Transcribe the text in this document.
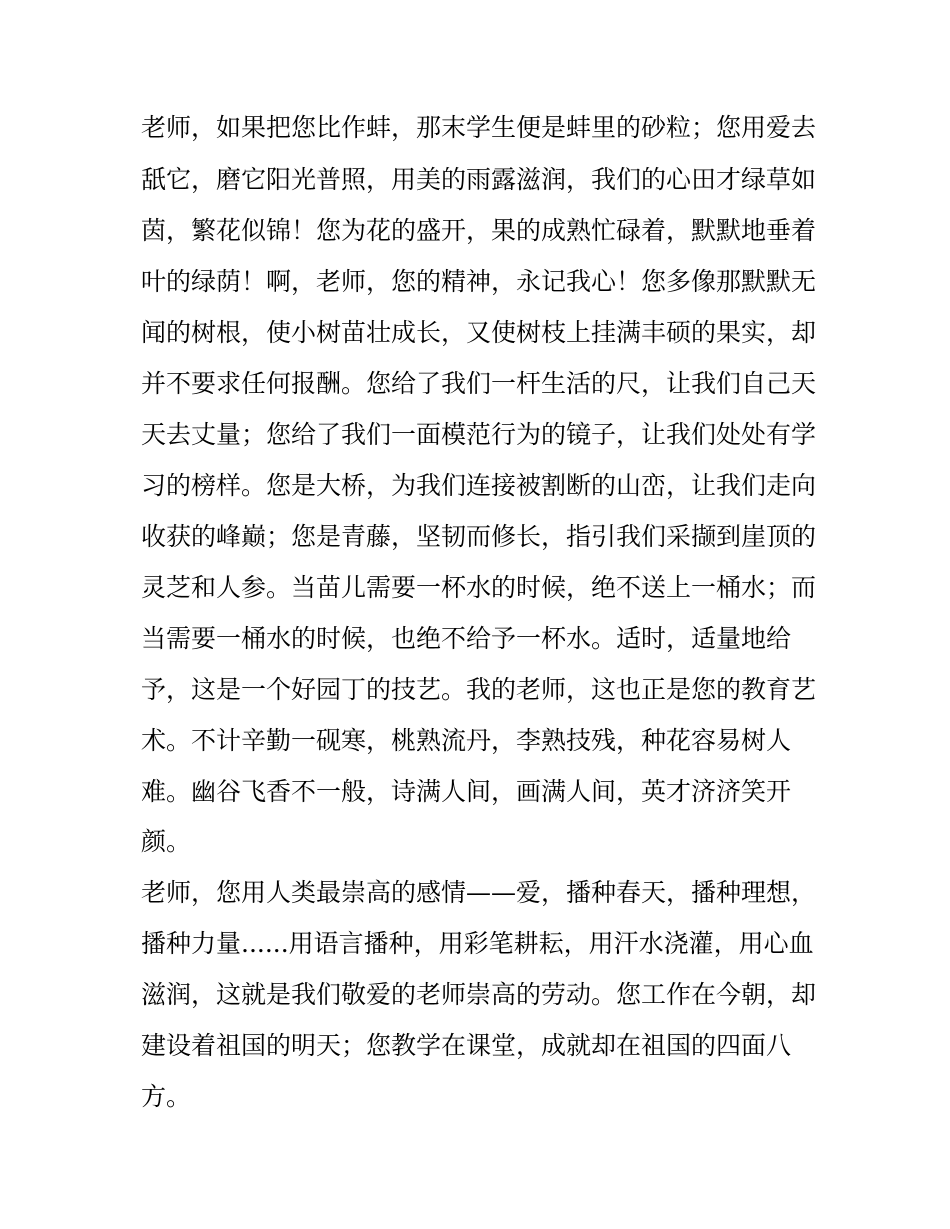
老师，如果把您比作蚌，那末学生便是蚌里的砂粒；您用爱去
舐它，磨它阳光普照，用美的雨露滋润，我们的心田才绿草如
茵，繁花似锦！您为花的盛开，果的成熟忙碌着，默默地垂着
叶的绿荫！啊，老师，您的精神，永记我心！您多像那默默无
闻的树根，使小树苗壮成长，又使树枝上挂满丰硕的果实，却
并不要求任何报酬。您给了我们一杆生活的尺，让我们自己天
天去丈量；您给了我们一面模范行为的镜子，让我们处处有学
习的榜样。您是大桥，为我们连接被割断的山峦，让我们走向
收获的峰巅；您是青藤，坚韧而修长，指引我们采撷到崖顶的
灵芝和人参。当苗儿需要一杯水的时候，绝不送上一桶水；而
当需要一桶水的时候，也绝不给予一杯水。适时，适量地给
予，这是一个好园丁的技艺。我的老师，这也正是您的教育艺
术。不计辛勤一砚寒，桃熟流丹，李熟技残，种花容易树人
难。幽谷飞香不一般，诗满人间，画满人间，英才济济笑开
颜。
老师，您用人类最崇高的感情——爱，播种春天，播种理想，
播种力量......用语言播种，用彩笔耕耘，用汗水浇灌，用心血
滋润，这就是我们敬爱的老师崇高的劳动。您工作在今朝，却
建设着祖国的明天；您教学在课堂，成就却在祖国的四面八
方。
